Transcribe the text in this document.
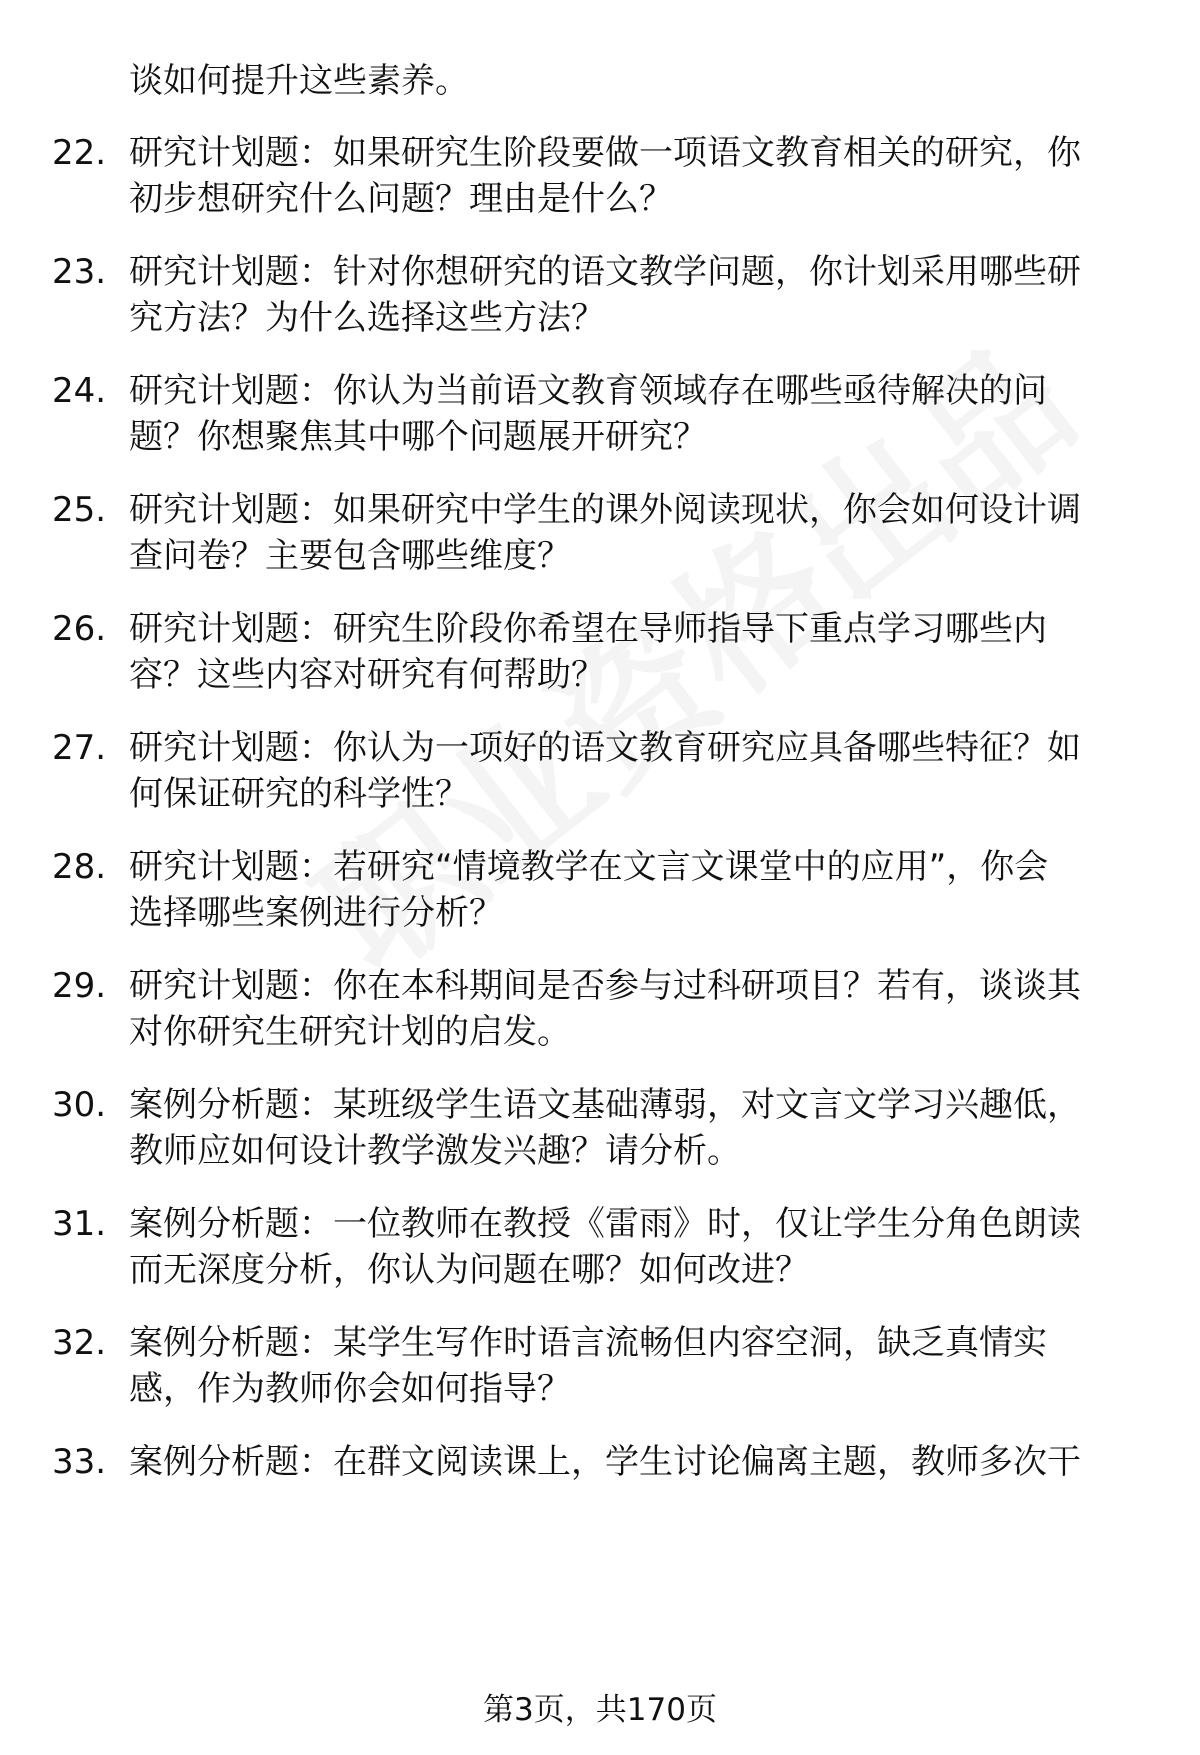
谈如何提升这些素养。
22. 研究计划题：如果研究生阶段要做一项语文教育相关的研究，你
初步想研究什么问题？理由是什么？
23. 研究计划题：针对你想研究的语文教学问题，你计划采用哪些研
究方法？为什么选择这些方法？
24. 研究计划题：你认为当前语文教育领域存在哪些亟待解决的问
题？你想聚焦其中哪个问题展开研究？
25. 研究计划题：如果研究中学生的课外阅读现状，你会如何设计调
查问卷？主要包含哪些维度？
26. 研究计划题：研究生阶段你希望在导师指导下重点学习哪些内
容？这些内容对研究有何帮助？
27. 研究计划题：你认为一项好的语文教育研究应具备哪些特征？如
何保证研究的科学性？
28. 研究计划题：若研究“情境教学在文言文课堂中的应用”，你会
选择哪些案例进行分析？
29. 研究计划题：你在本科期间是否参与过科研项目？若有，谈谈其
对你研究生研究计划的启发。
30. 案例分析题：某班级学生语文基础薄弱，对文言文学习兴趣低，
教师应如何设计教学激发兴趣？请分析。
31. 案例分析题：一位教师在教授《雷雨》时，仅让学生分角色朗读
而无深度分析，你认为问题在哪？如何改进？
32. 案例分析题：某学生写作时语言流畅但内容空洞，缺乏真情实
感，作为教师你会如何指导？
33. 案例分析题：在群文阅读课上，学生讨论偏离主题，教师多次干
第3页，共170页
